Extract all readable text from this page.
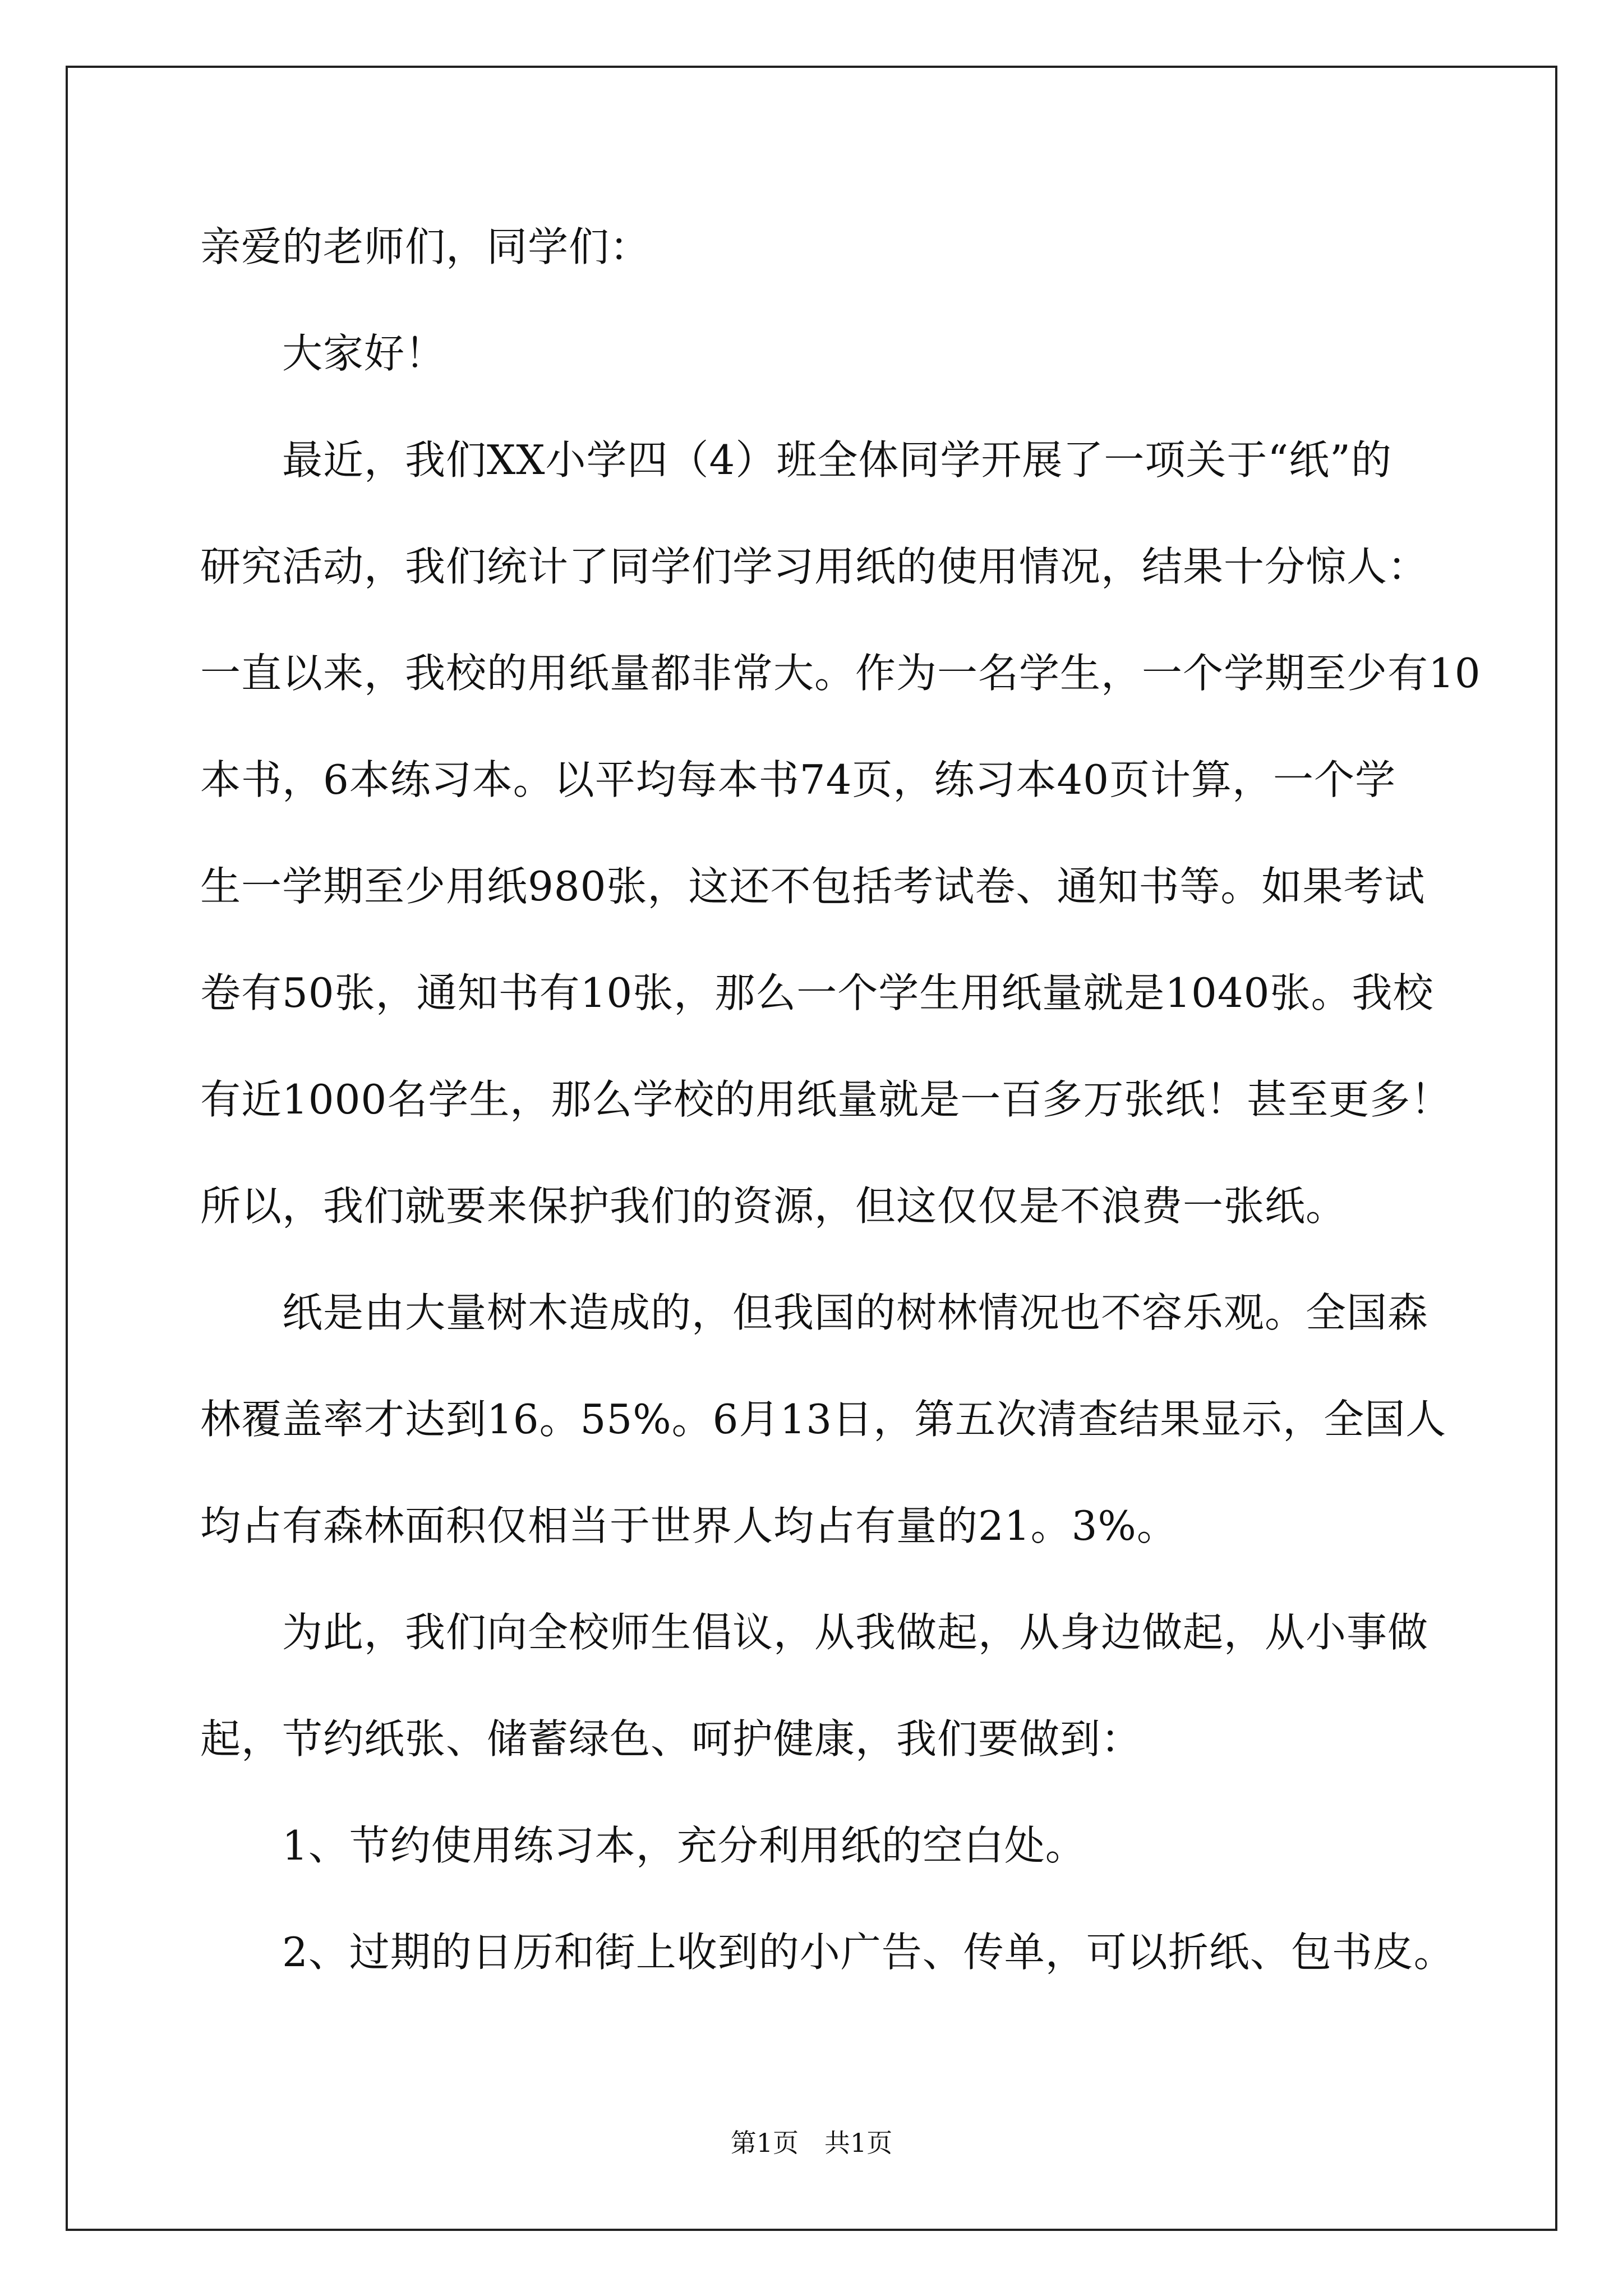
亲爱的老师们，同学们：
大家好！
最近，我们XX小学四（4）班全体同学开展了一项关于“纸”的
研究活动，我们统计了同学们学习用纸的使用情况，结果十分惊人：
一直以来，我校的用纸量都非常大。作为一名学生，一个学期至少有10
本书，6本练习本。以平均每本书74页，练习本40页计算，一个学
生一学期至少用纸980张，这还不包括考试卷、通知书等。如果考试
卷有50张，通知书有10张，那么一个学生用纸量就是1040张。我校
有近1000名学生，那么学校的用纸量就是一百多万张纸！甚至更多！
所以，我们就要来保护我们的资源，但这仅仅是不浪费一张纸。
纸是由大量树木造成的，但我国的树林情况也不容乐观。全国森
林覆盖率才达到16。55%。6月13日，第五次清查结果显示，全国人
均占有森林面积仅相当于世界人均占有量的21。3%。
为此，我们向全校师生倡议，从我做起，从身边做起，从小事做
起，节约纸张、储蓄绿色、呵护健康，我们要做到：
1、节约使用练习本，充分利用纸的空白处。
2、过期的日历和街上收到的小广告、传单，可以折纸、包书皮。
第1页　共1页
